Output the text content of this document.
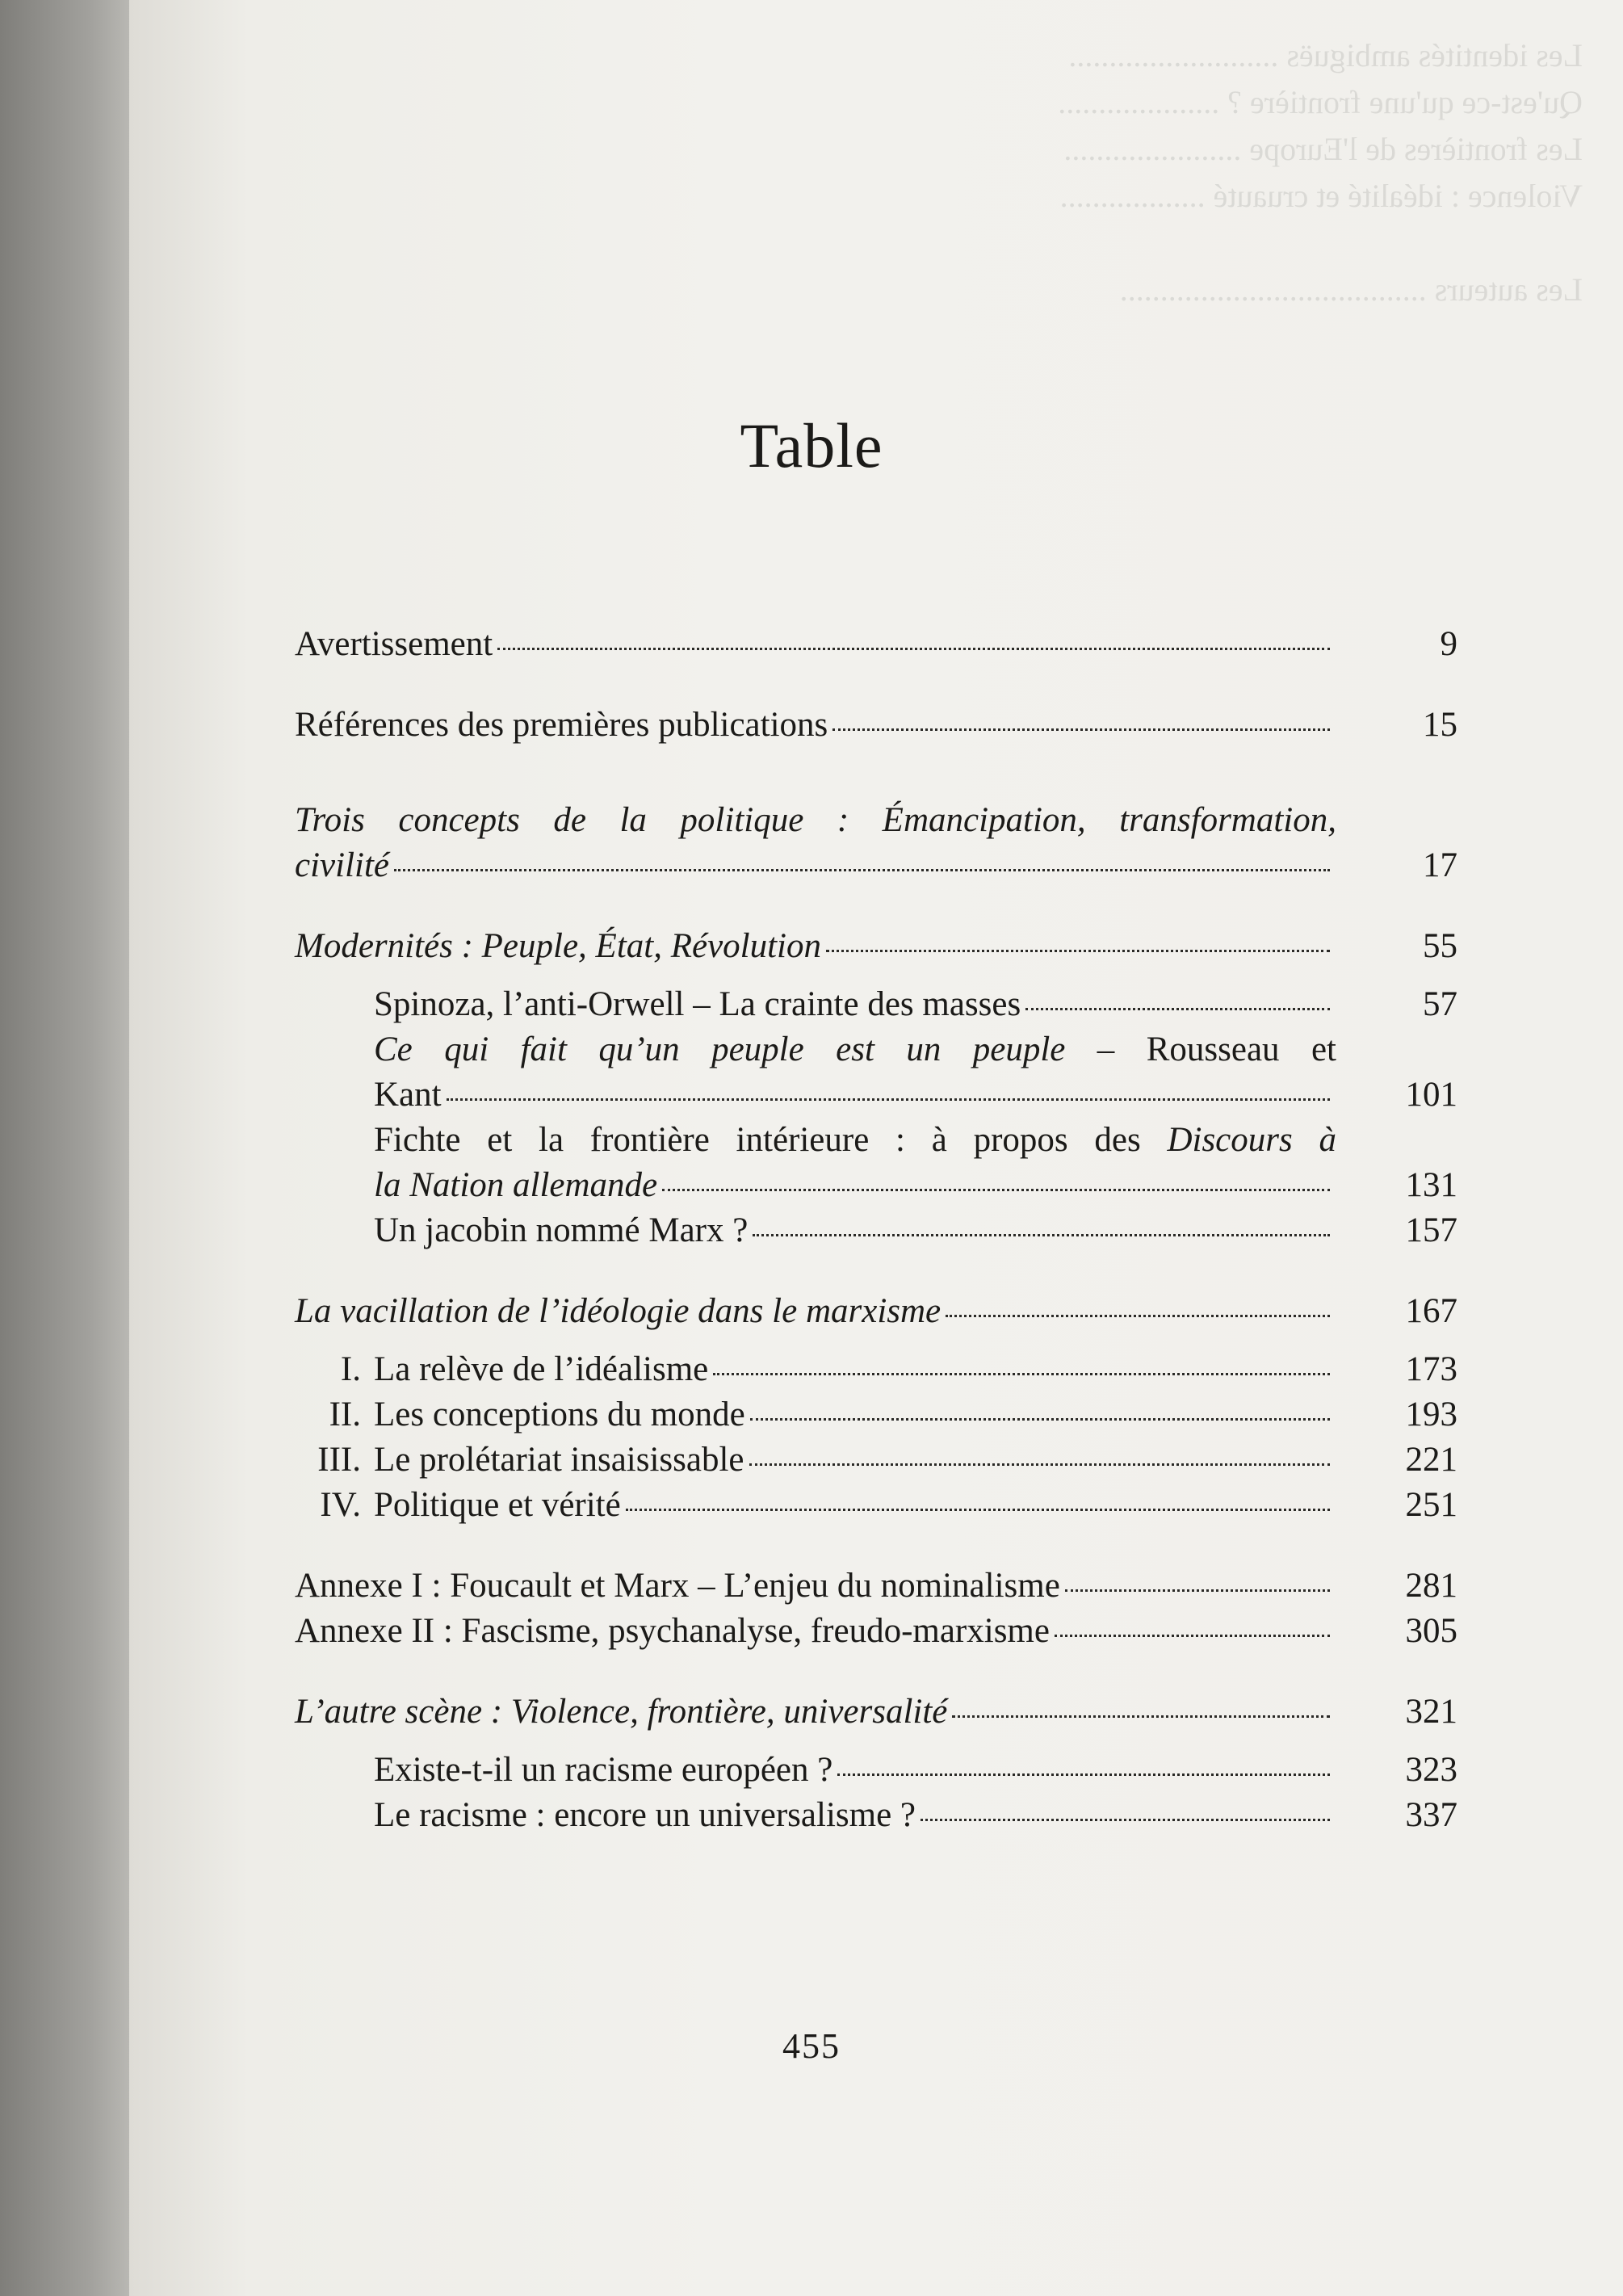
Les identités ambiguës ..........................
Qu'est-ce qu'une frontière ? ....................
Les frontières de l'Europe ......................
Violence : idéalité et cruauté ..................

Les auteurs ......................................
Table
Avertissement	9
Références des premières publications	15
Trois concepts de la politique : Émancipation, transformation,
civilité	17
Modernités : Peuple, État, Révolution	55
Spinoza, l’anti-Orwell – La crainte des masses	57
Ce qui fait qu’un peuple est un peuple – Rousseau et
Kant	101
Fichte et la frontière intérieure : à propos des Discours à
la Nation allemande	131
Un jacobin nommé Marx ?	157
La vacillation de l’idéologie dans le marxisme	167
I. La relève de l’idéalisme	173
II. Les conceptions du monde	193
III. Le prolétariat insaisissable	221
IV. Politique et vérité	251
Annexe I : Foucault et Marx – L’enjeu du nominalisme	281
Annexe II : Fascisme, psychanalyse, freudo-marxisme	305
L’autre scène : Violence, frontière, universalité	321
Existe-t-il un racisme européen ?	323
Le racisme : encore un universalisme ?	337
455
